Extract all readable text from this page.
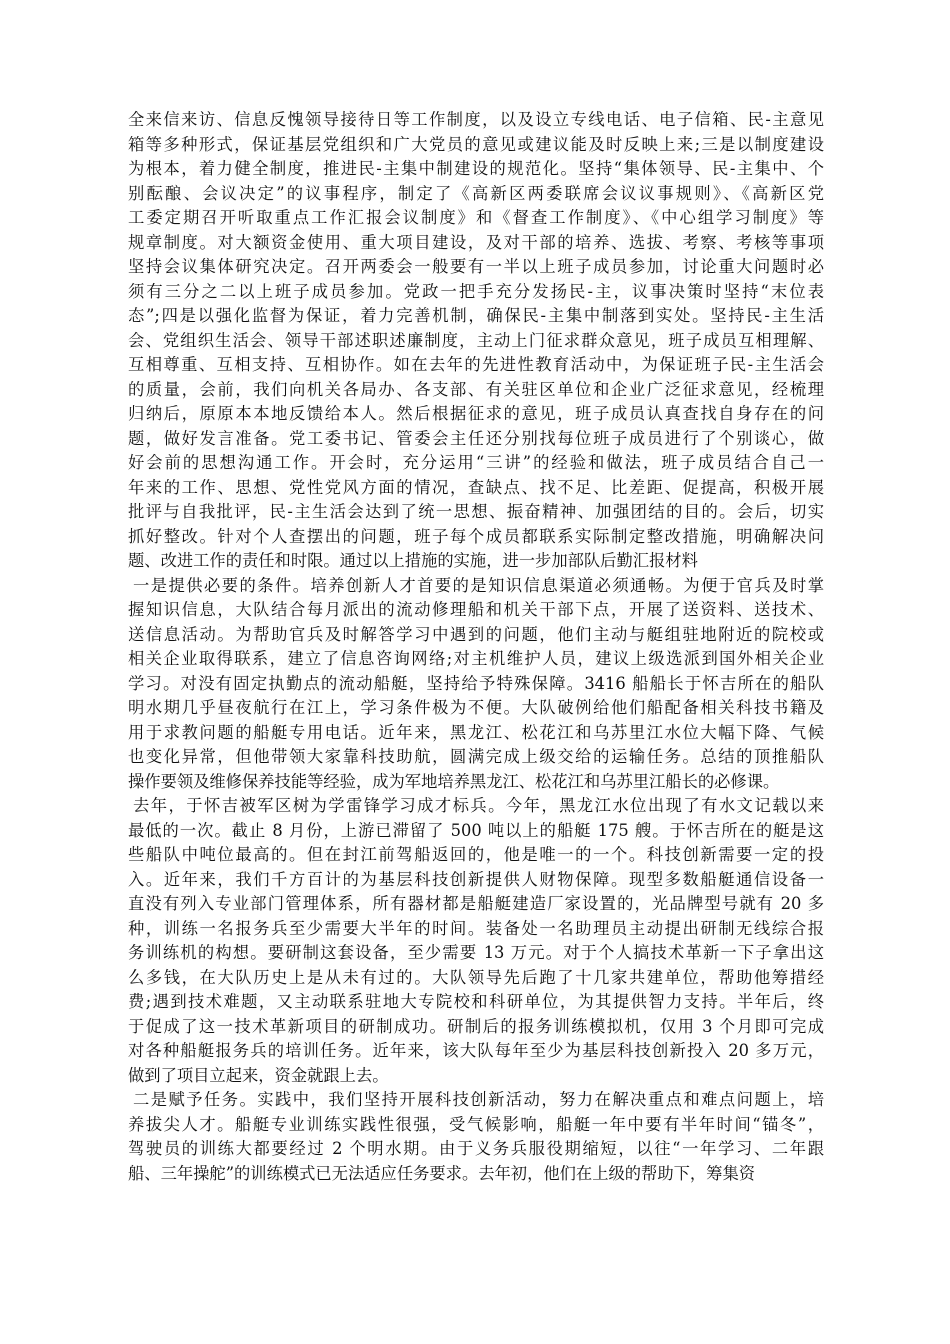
全来信来访、信息反愧领导接待日等工作制度，以及设立专线电话、电子信箱、民-主意见
箱等多种形式，保证基层党组织和广大党员的意见或建议能及时反映上来;三是以制度建设
为根本，着力健全制度，推进民-主集中制建设的规范化。坚持“集体领导、民-主集中、个
别酝酿、会议决定”的议事程序，制定了《高新区两委联席会议议事规则》、《高新区党
工委定期召开听取重点工作汇报会议制度》和《督查工作制度》、《中心组学习制度》等
规章制度。对大额资金使用、重大项目建设，及对干部的培养、选拔、考察、考核等事项
坚持会议集体研究决定。召开两委会一般要有一半以上班子成员参加，讨论重大问题时必
须有三分之二以上班子成员参加。党政一把手充分发扬民-主，议事决策时坚持“末位表
态”;四是以强化监督为保证，着力完善机制，确保民-主集中制落到实处。坚持民-主生活
会、党组织生活会、领导干部述职述廉制度，主动上门征求群众意见，班子成员互相理解、
互相尊重、互相支持、互相协作。如在去年的先进性教育活动中，为保证班子民-主生活会
的质量，会前，我们向机关各局办、各支部、有关驻区单位和企业广泛征求意见，经梳理
归纳后，原原本本地反馈给本人。然后根据征求的意见，班子成员认真查找自身存在的问
题，做好发言准备。党工委书记、管委会主任还分别找每位班子成员进行了个别谈心，做
好会前的思想沟通工作。开会时，充分运用“三讲”的经验和做法，班子成员结合自己一
年来的工作、思想、党性党风方面的情况，查缺点、找不足、比差距、促提高，积极开展
批评与自我批评，民-主生活会达到了统一思想、振奋精神、加强团结的目的。会后，切实
抓好整改。针对个人查摆出的问题，班子每个成员都联系实际制定整改措施，明确解决问
题、改进工作的责任和时限。通过以上措施的实施，进一步加部队后勤汇报材料
一是提供必要的条件。培养创新人才首要的是知识信息渠道必须通畅。为便于官兵及时掌
握知识信息，大队结合每月派出的流动修理船和机关干部下点，开展了送资料、送技术、
送信息活动。为帮助官兵及时解答学习中遇到的问题，他们主动与艇组驻地附近的院校或
相关企业取得联系，建立了信息咨询网络;对主机维护人员，建议上级选派到国外相关企业
学习。对没有固定执勤点的流动船艇，坚持给予特殊保障。3416 船船长于怀吉所在的船队
明水期几乎昼夜航行在江上，学习条件极为不便。大队破例给他们船配备相关科技书籍及
用于求教问题的船艇专用电话。近年来，黑龙江、松花江和乌苏里江水位大幅下降、气候
也变化异常，但他带领大家靠科技助航，圆满完成上级交给的运输任务。总结的顶推船队
操作要领及维修保养技能等经验，成为军地培养黑龙江、松花江和乌苏里江船长的必修课。
去年，于怀吉被军区树为学雷锋学习成才标兵。今年，黑龙江水位出现了有水文记载以来
最低的一次。截止 8 月份，上游已滞留了 500 吨以上的船艇 175 艘。于怀吉所在的艇是这
些船队中吨位最高的。但在封江前驾船返回的，他是唯一的一个。科技创新需要一定的投
入。近年来，我们千方百计的为基层科技创新提供人财物保障。现型多数船艇通信设备一
直没有列入专业部门管理体系，所有器材都是船艇建造厂家设置的，光品牌型号就有 20 多
种，训练一名报务兵至少需要大半年的时间。装备处一名助理员主动提出研制无线综合报
务训练机的构想。要研制这套设备，至少需要 13 万元。对于个人搞技术革新一下子拿出这
么多钱，在大队历史上是从未有过的。大队领导先后跑了十几家共建单位，帮助他筹措经
费;遇到技术难题，又主动联系驻地大专院校和科研单位，为其提供智力支持。半年后，终
于促成了这一技术革新项目的研制成功。研制后的报务训练模拟机，仅用 3 个月即可完成
对各种船艇报务兵的培训任务。近年来，该大队每年至少为基层科技创新投入 20 多万元，
做到了项目立起来，资金就跟上去。
二是赋予任务。实践中，我们坚持开展科技创新活动，努力在解决重点和难点问题上，培
养拔尖人才。船艇专业训练实践性很强，受气候影响，船艇一年中要有半年时间“锚冬”，
驾驶员的训练大都要经过 2 个明水期。由于义务兵服役期缩短，以往“一年学习、二年跟
船、三年操舵”的训练模式已无法适应任务要求。去年初，他们在上级的帮助下，筹集资
